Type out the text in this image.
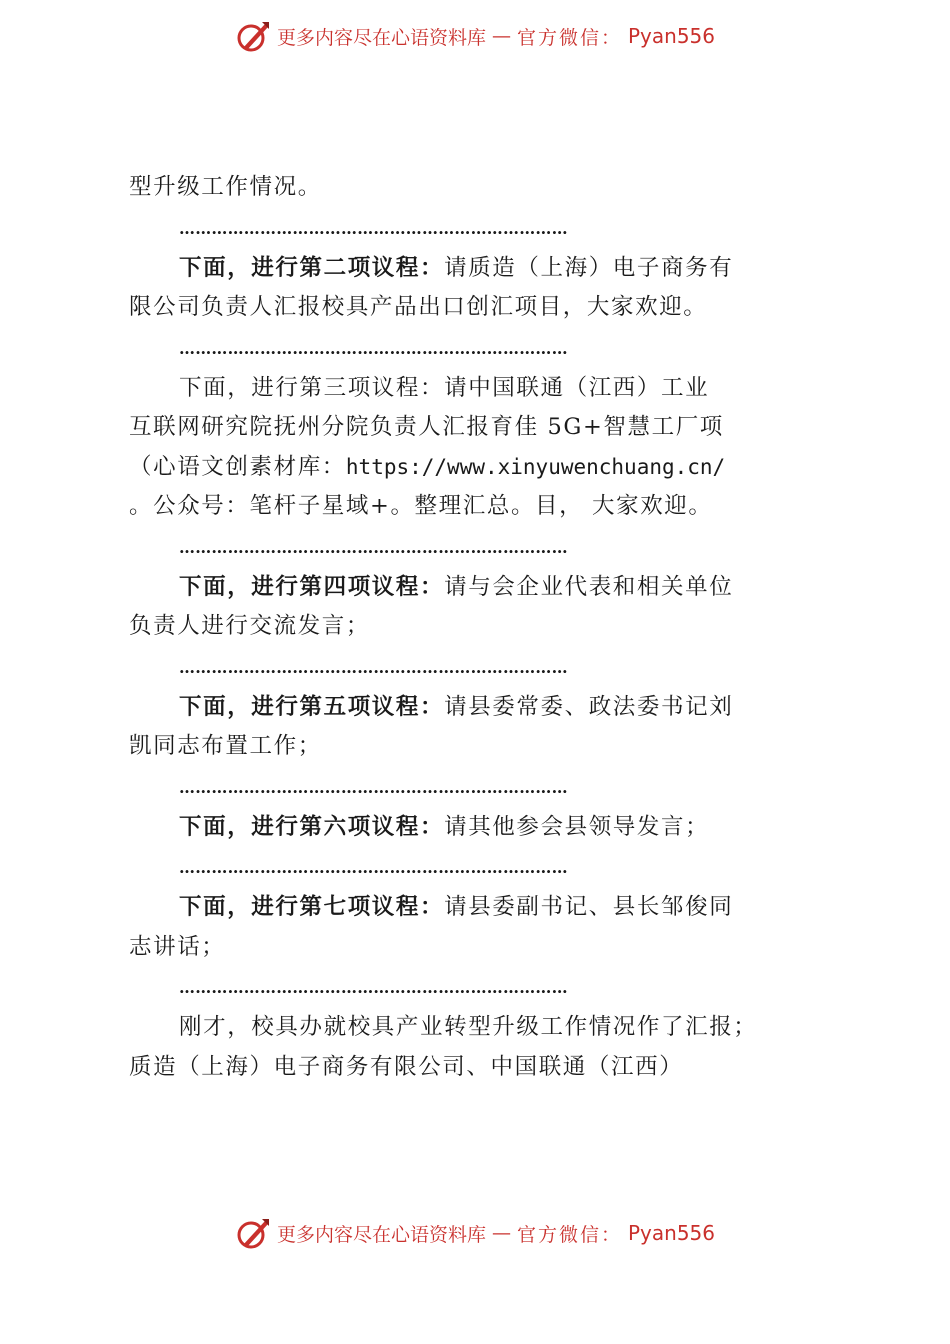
更多内容尽在心语资料库 — 官方微信： Pyan556
型升级工作情况。
………………………………………………………………
下面，进行第二项议程：请质造（上海）电子商务有
限公司负责人汇报校具产品出口创汇项目，大家欢迎。
………………………………………………………………
下面，进行第三项议程：请中国联通（江西）工业
互联网研究院抚州分院负责人汇报育佳 5G+智慧工厂项
（心语文创素材库：https://www.xinyuwenchuang.cn/
。公众号：笔杆子星域+。整理汇总。目， 大家欢迎。
………………………………………………………………
下面，进行第四项议程：请与会企业代表和相关单位
负责人进行交流发言；
………………………………………………………………
下面，进行第五项议程：请县委常委、政法委书记刘
凯同志布置工作；
………………………………………………………………
下面，进行第六项议程：请其他参会县领导发言；
………………………………………………………………
下面，进行第七项议程：请县委副书记、县长邹俊同
志讲话；
………………………………………………………………
刚才，校具办就校具产业转型升级工作情况作了汇报；
质造（上海）电子商务有限公司、中国联通（江西）
更多内容尽在心语资料库 — 官方微信： Pyan556
